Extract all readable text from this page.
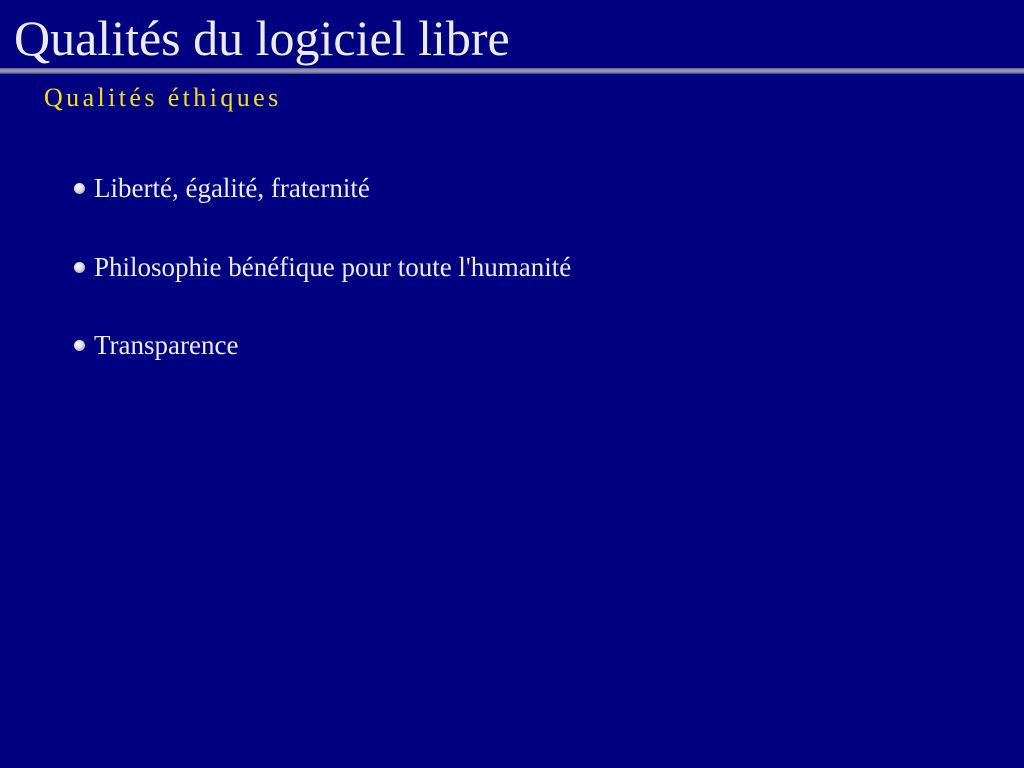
Qualités du logiciel libre
Qualités éthiques
Liberté, égalité, fraternité
Philosophie bénéfique pour toute l'humanité
Transparence
